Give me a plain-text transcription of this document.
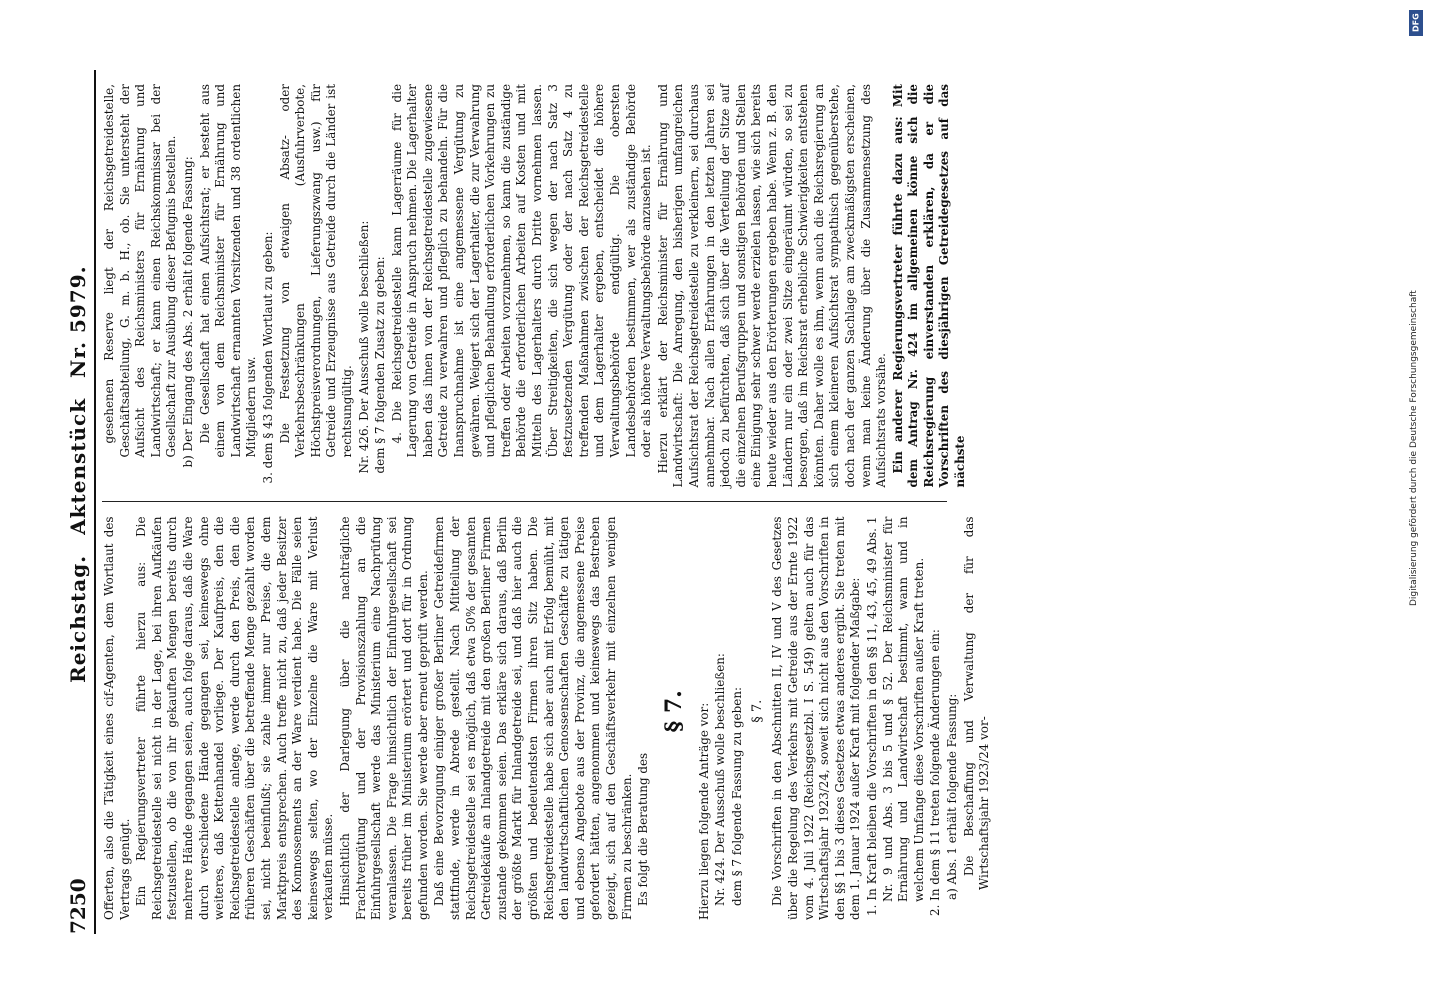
7250
Reichstag. Aktenstück Nr. 5979.

Offerten, also die Tätigkeit eines cif-Agenten, dem Wortlaut des Vertrags genügt. Ein Regierungsvertreter führte hierzu aus: Die Reichsgetreidestelle sei nicht in der Lage, bei ihren Aufkäufen festzustellen, ob die von ihr gekauften Mengen bereits durch mehrere Hände gegangen seien, auch folge daraus, daß die Ware durch verschiedene Hände gegangen sei, keineswegs ohne weiteres, daß Kettenhandel vorliege. Der Kaufpreis, den die Reichsgetreidestelle anlege, werde durch den Preis, den die früheren Geschäften über die betreffende Menge gezahlt worden sei, nicht beeinflußt; sie zahle immer nur Preise, die dem Marktpreis entsprechen. Auch treffe nicht zu, daß jeder Besitzer des Konnossements an der Ware verdient habe. Die Fälle seien keineswegs selten, wo der Einzelne die Ware mit Verlust verkaufen müsse. Hinsichtlich der Darlegung über die nachträgliche Frachtvergütung und der Provisionszahlung an die Einfuhrgesellschaft werde das Ministerium eine Nachprüfung veranlassen. Die Frage hinsichtlich der Einfuhrgesellschaft sei bereits früher im Ministerium erörtert und dort für in Ordnung gefunden worden. Sie werde aber erneut geprüft werden. Daß eine Bevorzugung einiger großer Berliner Getreidefirmen stattfinde, werde in Abrede gestellt. Nach Mitteilung der Reichsgetreidestelle sei es möglich, daß etwa 50% der gesamten Getreidekäufe an Inlandgetreide mit den großen Berliner Firmen zustande gekommen seien. Das erkläre sich daraus, daß Berlin der größte Markt für Inlandgetreide sei, und daß hier auch die größten und bedeutendsten Firmen ihren Sitz haben. Die Reichsgetreidestelle habe sich aber auch mit Erfolg bemüht, mit den landwirtschaftlichen Genossenschaften Geschäfte zu tätigen und ebenso Angebote aus der Provinz, die angemessene Preise gefordert hätten, angenommen und keineswegs das Bestreben gezeigt, sich auf den Geschäftsverkehr mit einzelnen wenigen Firmen zu beschränken. Es folgt die Beratung des

§ 7. Hierzu liegen folgende Anträge vor: Nr. 424. Der Ausschuß wolle beschließen: dem § 7 folgende Fassung zu geben: § 7. Die Vorschriften in den Abschnitten II, IV und V des Gesetzes über die Regelung des Verkehrs mit Getreide aus der Ernte 1922 vom 4. Juli 1922 (Reichsgesetzbl. I S. 549) gelten auch für das Wirtschaftsjahr 1923/24, soweit sich nicht aus den Vorschriften in den §§ 1 bis 3 dieses Gesetzes etwas anderes ergibt. Sie treten mit dem 1. Januar 1924 außer Kraft mit folgender Maßgabe: 1. In Kraft bleiben die Vorschriften in den §§ 11, 43, 45, 49 Abs. 1 Nr. 9 und Abs. 3 bis 5 und § 52. Der Reichsminister für Ernährung und Landwirtschaft bestimmt, wann und in welchem Umfange diese Vorschriften außer Kraft treten. 2. In dem § 11 treten folgende Änderungen ein: a) Abs. 1 erhält folgende Fassung: Die Beschaffung und Verwaltung der für das Wirtschaftsjahr 1923/24 vor-

gesehenen Reserve liegt der Reichsgetreidestelle, Geschäftsabteilung, G. m. b. H., ob. Sie untersteht der Aufsicht des Reichsministers für Ernährung und Landwirtschaft; er kann einen Reichskommissar bei der Gesellschaft zur Ausübung dieser Befugnis bestellen. b) Der Eingang des Abs. 2 erhält folgende Fassung: Die Gesellschaft hat einen Aufsichtsrat; er besteht aus einem von dem Reichsminister für Ernährung und Landwirtschaft ernannten Vorsitzenden und 38 ordentlichen Mitgliedern usw. 3. dem § 43 folgenden Wortlaut zu geben: Die Festsetzung von etwaigen Absatz- oder Verkehrsbeschränkungen (Ausfuhrverbote, Höchstpreisverordnungen, Lieferungszwang usw.) für Getreide und Erzeugnisse aus Getreide durch die Länder ist rechtsungültig. Nr. 426. Der Ausschuß wolle beschließen: dem § 7 folgenden Zusatz zu geben: 4. Die Reichsgetreidestelle kann Lagerräume für die Lagerung von Getreide in Anspruch nehmen. Die Lagerhalter haben das ihnen von der Reichsgetreidestelle zugewiesene Getreide zu verwahren und pfleglich zu behandeln. Für die Inanspruchnahme ist eine angemessene Vergütung zu gewähren. Weigert sich der Lagerhalter, die zur Verwahrung und pfleglichen Behandlung erforderlichen Vorkehrungen zu treffen oder Arbeiten vorzunehmen, so kann die zuständige Behörde die erforderlichen Arbeiten auf Kosten und mit Mitteln des Lagerhalters durch Dritte vornehmen lassen. Über Streitigkeiten, die sich wegen der nach Satz 3 festzusetzenden Vergütung oder der nach Satz 4 zu treffenden Maßnahmen zwischen der Reichsgetreidestelle und dem Lagerhalter ergeben, entscheidet die höhere Verwaltungsbehörde endgültig. Die obersten Landesbehörden bestimmen, wer als zuständige Behörde oder als höhere Verwaltungsbehörde anzusehen ist. Hierzu erklärt der Reichsminister für Ernährung und Landwirtschaft: Die Anregung, den bisherigen umfangreichen Aufsichtsrat der Reichsgetreidestelle zu verkleinern, sei durchaus annehmbar. Nach allen Erfahrungen in den letzten Jahren sei jedoch zu befürchten, daß sich über die Verteilung der Sitze auf die einzelnen Berufsgruppen und sonstigen Behörden und Stellen eine Einigung sehr schwer werde erzielen lassen, wie sich bereits heute wieder aus den Erörterungen ergeben habe. Wenn z. B. den Ländern nur ein oder zwei Sitze eingeräumt würden, so sei zu besorgen, daß im Reichsrat erhebliche Schwierigkeiten entstehen könnten. Daher wolle es ihm, wenn auch die Reichsregierung an sich einem kleineren Aufsichtsrat sympathisch gegenüberstehe, doch nach der ganzen Sachlage am zweckmäßigsten erscheinen, wenn man keine Änderung über die Zusammensetzung des Aufsichtsrats vorsähe. Ein anderer Regierungsvertreter führte dazu aus: Mit dem Antrag Nr. 424 im allgemeinen könne sich die Reichsregierung einverstanden erklären, da er die Vorschriften des diesjährigen Getreidegesetzes auf das nächste

DFG
Digitalisierung gefördert durch die Deutsche Forschungsgemeinschaft
